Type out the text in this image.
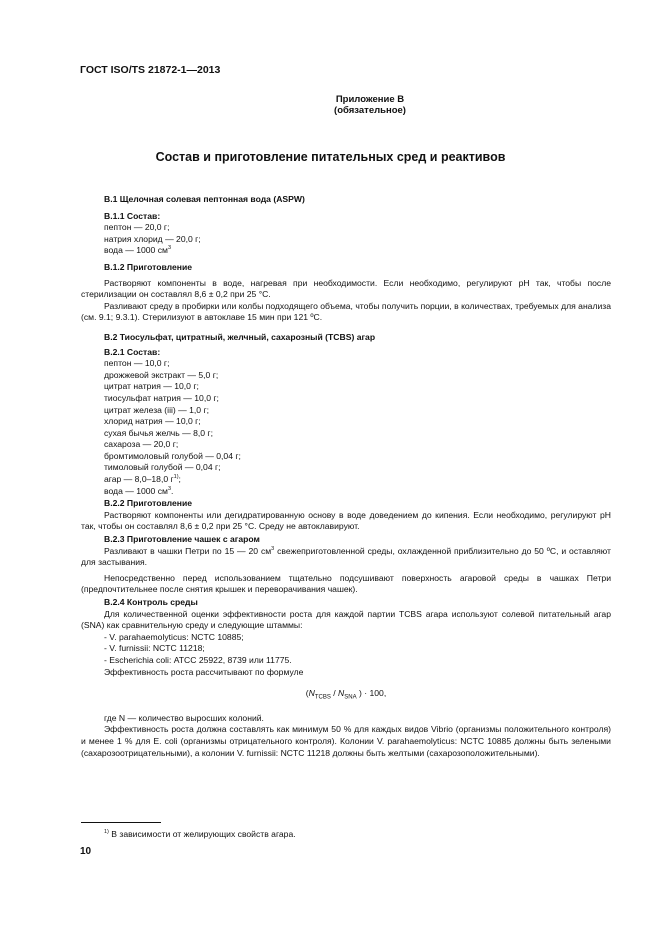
ГОСТ ISO/TS 21872-1—2013
Приложение В
(обязательное)
Состав и приготовление питательных сред и реактивов
В.1 Щелочная солевая пептонная вода (ASPW)
В.1.1 Состав:
пептон — 20,0 г;
натрия хлорид — 20,0 г;
вода — 1000 $см^3$
В.1.2 Приготовление

Растворяют компоненты в воде, нагревая при необходимости. Если необходимо, регулируют pH так, чтобы после стерилизации он составлял 8,6 ± 0,2 при 25 °С.

Разливают среду в пробирки или колбы подходящего объема, чтобы получить порции, в количествах, требуемых для анализа (см. 9.1; 9.3.1). Стерилизуют в автоклаве 15 мин при 121 ºС.

В.2 Тиосульфат, цитратный, желчный, сахарозный (TCBS) агар
В.2.1 Состав:
пептон — 10,0 г;
дрожжевой экстракт — 5,0 г;
цитрат натрия — 10,0 г;
тиосульфат натрия — 10,0 г;
цитрат железа (iii) — 1,0 г;
хлорид натрия — 10,0 г;
сухая бычья желчь — 8,0 г;
сахароза — 20,0 г;
бромтимоловый голубой — 0,04 г;
тимоловый голубой — 0,04 г;
агар — 8,0–18,0 $г^{1)}$;
вода — 1000 $см^3$.
В.2.2 Приготовление

Растворяют компоненты или дегидратированную основу в воде доведением до кипения. Если необходимо, регулируют pH так, чтобы он составлял 8,6 ± 0,2 при 25 °С. Среду не автоклавируют.

В.2.3 Приготовление чашек с агаром

Разливают в чашки Петри по 15 — 20 $см^3$ свежеприготовленной среды, охлажденной приблизительно до 50 ºС, и оставляют для застывания.

Непосредственно перед использованием тщательно подсушивают поверхность агаровой среды в чашках Петри (предпочтительнее после снятия крышек и переворачивания чашек).

В.2.4 Контроль среды

Для количественной оценки эффективности роста для каждой партии TCBS агара используют солевой питательный агар (SNA) как сравнительную среду и следующие штаммы:

- V. parahaemolyticus: NCTC 10885;
- V. furnissii: NCTC 11218;
- Escherichia coli: АТСС 25922, 8739 или 11775.

Эффективность роста рассчитывают по формуле

($N_{TCBS} / N_{SNA}$ ) · 100,

где N — количество выросших колоний.

Эффективность роста должна составлять как минимум 50 % для каждых видов Vibrio (организмы положительного контроля) и менее 1 % для Е. coli (организмы отрицательного контроля). Колонии V. parahaemolyticus: NCTC 10885 должны быть зелеными (сахарозоотрицательными), а колонии V. furnissii: NCTC 11218 должны быть желтыми (сахарозоположительными).

$^{1)}$ В зависимости от желирующих свойств агара.
10
